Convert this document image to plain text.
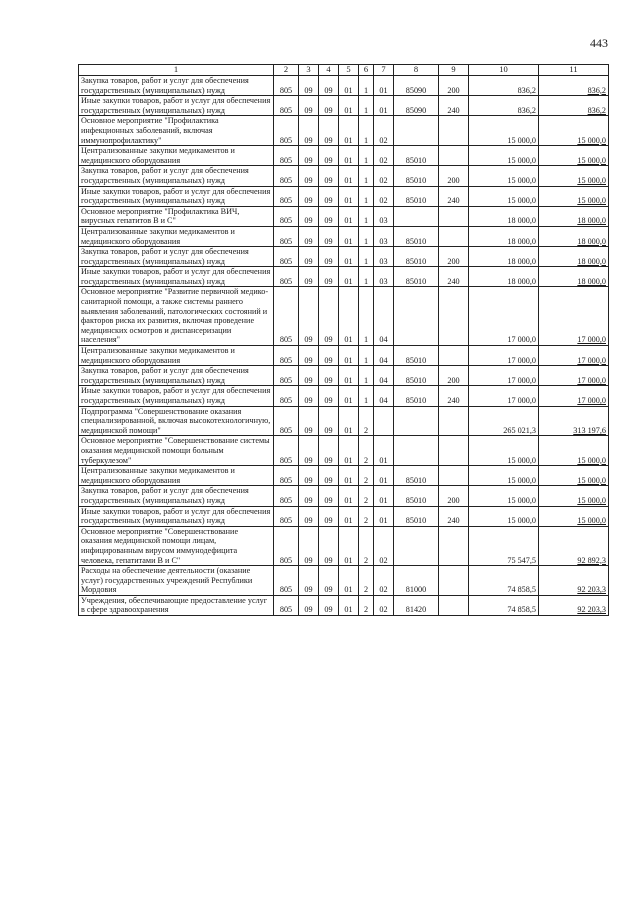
443
1	2	3	4	5	6	7	8	9	10	11
Закупка товаров, работ и услуг для обеспечения государственных (муниципальных) нужд	805	09	09	01	1	01	85090	200	836,2	836,2
Иные закупки товаров, работ и услуг для обеспечения государственных (муниципальных) нужд	805	09	09	01	1	01	85090	240	836,2	836,2
Основное мероприятие "Профилактика инфекционных заболеваний, включая иммунопрофилактику"	805	09	09	01	1	02			15 000,0	15 000,0
Централизованные закупки медикаментов и медицинского оборудования	805	09	09	01	1	02	85010		15 000,0	15 000,0
Закупка товаров, работ и услуг для обеспечения государственных (муниципальных) нужд	805	09	09	01	1	02	85010	200	15 000,0	15 000,0
Иные закупки товаров, работ и услуг для обеспечения государственных (муниципальных) нужд	805	09	09	01	1	02	85010	240	15 000,0	15 000,0
Основное мероприятие "Профилактика ВИЧ, вирусных гепатитов В и С"	805	09	09	01	1	03			18 000,0	18 000,0
Централизованные закупки медикаментов и медицинского оборудования	805	09	09	01	1	03	85010		18 000,0	18 000,0
Закупка товаров, работ и услуг для обеспечения государственных (муниципальных) нужд	805	09	09	01	1	03	85010	200	18 000,0	18 000,0
Иные закупки товаров, работ и услуг для обеспечения государственных (муниципальных) нужд	805	09	09	01	1	03	85010	240	18 000,0	18 000,0
Основное мероприятие "Развитие первичной медико-санитарной помощи, а также системы раннего выявления заболеваний, патологических состояний и факторов риска их развития, включая проведение медицинских осмотров и диспансеризации населения"	805	09	09	01	1	04			17 000,0	17 000,0
Централизованные закупки медикаментов и медицинского оборудования	805	09	09	01	1	04	85010		17 000,0	17 000,0
Закупка товаров, работ и услуг для обеспечения государственных (муниципальных) нужд	805	09	09	01	1	04	85010	200	17 000,0	17 000,0
Иные закупки товаров, работ и услуг для обеспечения государственных (муниципальных) нужд	805	09	09	01	1	04	85010	240	17 000,0	17 000,0
Подпрограмма "Совершенствование оказания специализированной, включая высокотехнологичную, медицинской помощи"	805	09	09	01	2				265 021,3	313 197,6
Основное мероприятие "Совершенствование системы оказания медицинской помощи больным туберкулезом"	805	09	09	01	2	01			15 000,0	15 000,0
Централизованные закупки медикаментов и медицинского оборудования	805	09	09	01	2	01	85010		15 000,0	15 000,0
Закупка товаров, работ и услуг для обеспечения государственных (муниципальных) нужд	805	09	09	01	2	01	85010	200	15 000,0	15 000,0
Иные закупки товаров, работ и услуг для обеспечения государственных (муниципальных) нужд	805	09	09	01	2	01	85010	240	15 000,0	15 000,0
Основное мероприятие "Совершенствование оказания медицинской помощи лицам, инфицированным вирусом иммунодефицита человека, гепатитами В и С"	805	09	09	01	2	02			75 547,5	92 892,3
Расходы на обеспечение деятельности (оказание услуг) государственных учреждений Республики Мордовия	805	09	09	01	2	02	81000		74 858,5	92 203,3
Учреждения, обеспечивающие предоставление услуг в сфере здравоохранения	805	09	09	01	2	02	81420		74 858,5	92 203,3
